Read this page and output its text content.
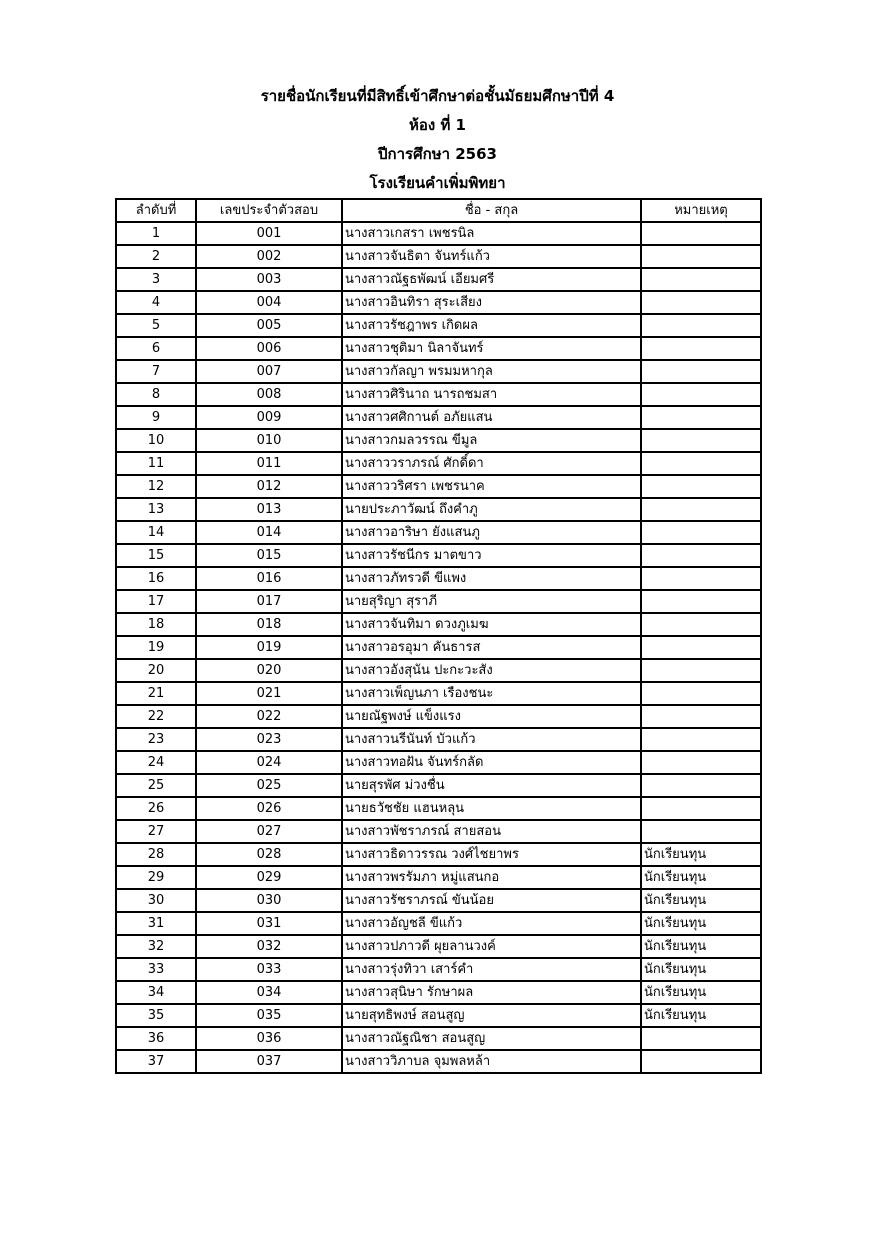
รายชื่อนักเรียนที่มีสิทธิ์เข้าศึกษาต่อชั้นมัธยมศึกษาปีที่ 4
ห้อง ที่ 1
ปีการศึกษา 2563
โรงเรียนคำเพิ่มพิทยา
ลำดับที่	เลขประจำตัวสอบ	ชื่อ - สกุล	หมายเหตุ
1	001	นางสาวเกสรา เพชรนิล	
2	002	นางสาวจันธิตา จันทร์แก้ว	
3	003	นางสาวณัฐธพัฒน์ เอียมศรี	
4	004	นางสาวอินทิรา สุระเสียง	
5	005	นางสาวรัชฎาพร เกิดผล	
6	006	นางสาวชุติมา นิลาจันทร์	
7	007	นางสาวกัลญา พรมมหากุล	
8	008	นางสาวศิรินาถ นารถชมสา	
9	009	นางสาวศศิกานต์ อภัยแสน	
10	010	นางสาวกมลวรรณ ขีมูล	
11	011	นางสาววราภรณ์ ศักดิ์ดา	
12	012	นางสาววริศรา เพชรนาค	
13	013	นายประภาวัฒน์ ถึงคำภู	
14	014	นางสาวอาริษา ยังแสนภู	
15	015	นางสาวรัชนีกร มาตขาว	
16	016	นางสาวภัทรวดี ขีแพง	
17	017	นายสุริญา สุราภี	
18	018	นางสาวจันทิมา ดวงภูเมฆ	
19	019	นางสาวอรอุมา คันธารส	
20	020	นางสาวอังสุนัน ปะกะวะสัง	
21	021	นางสาวเพ็ญนภา เรืองชนะ	
22	022	นายณัฐพงษ์ แข็งแรง	
23	023	นางสาวนรีนันท์ บัวแก้ว	
24	024	นางสาวทอฝัน จันทร์กลัด	
25	025	นายสุรพัศ ม่วงชื่น	
26	026	นายธวัชชัย แฮนหลุน	
27	027	นางสาวพัชราภรณ์ สายสอน	
28	028	นางสาวธิดาวรรณ วงศ์ไชยาพร	นักเรียนทุน
29	029	นางสาวพรรัมภา หมู่แสนกอ	นักเรียนทุน
30	030	นางสาวรัชราภรณ์ ขันน้อย	นักเรียนทุน
31	031	นางสาวอัญชลี ขีแก้ว	นักเรียนทุน
32	032	นางสาวปภาวดี ผุยลานวงค์	นักเรียนทุน
33	033	นางสาวรุ่งทิวา เสาร์คำ	นักเรียนทุน
34	034	นางสาวสุนิษา รักษาผล	นักเรียนทุน
35	035	นายสุทธิพงษ์ สอนสูญ	นักเรียนทุน
36	036	นางสาวณัฐณิชา สอนสูญ	
37	037	นางสาววิภาบล จุมพลหล้า	
